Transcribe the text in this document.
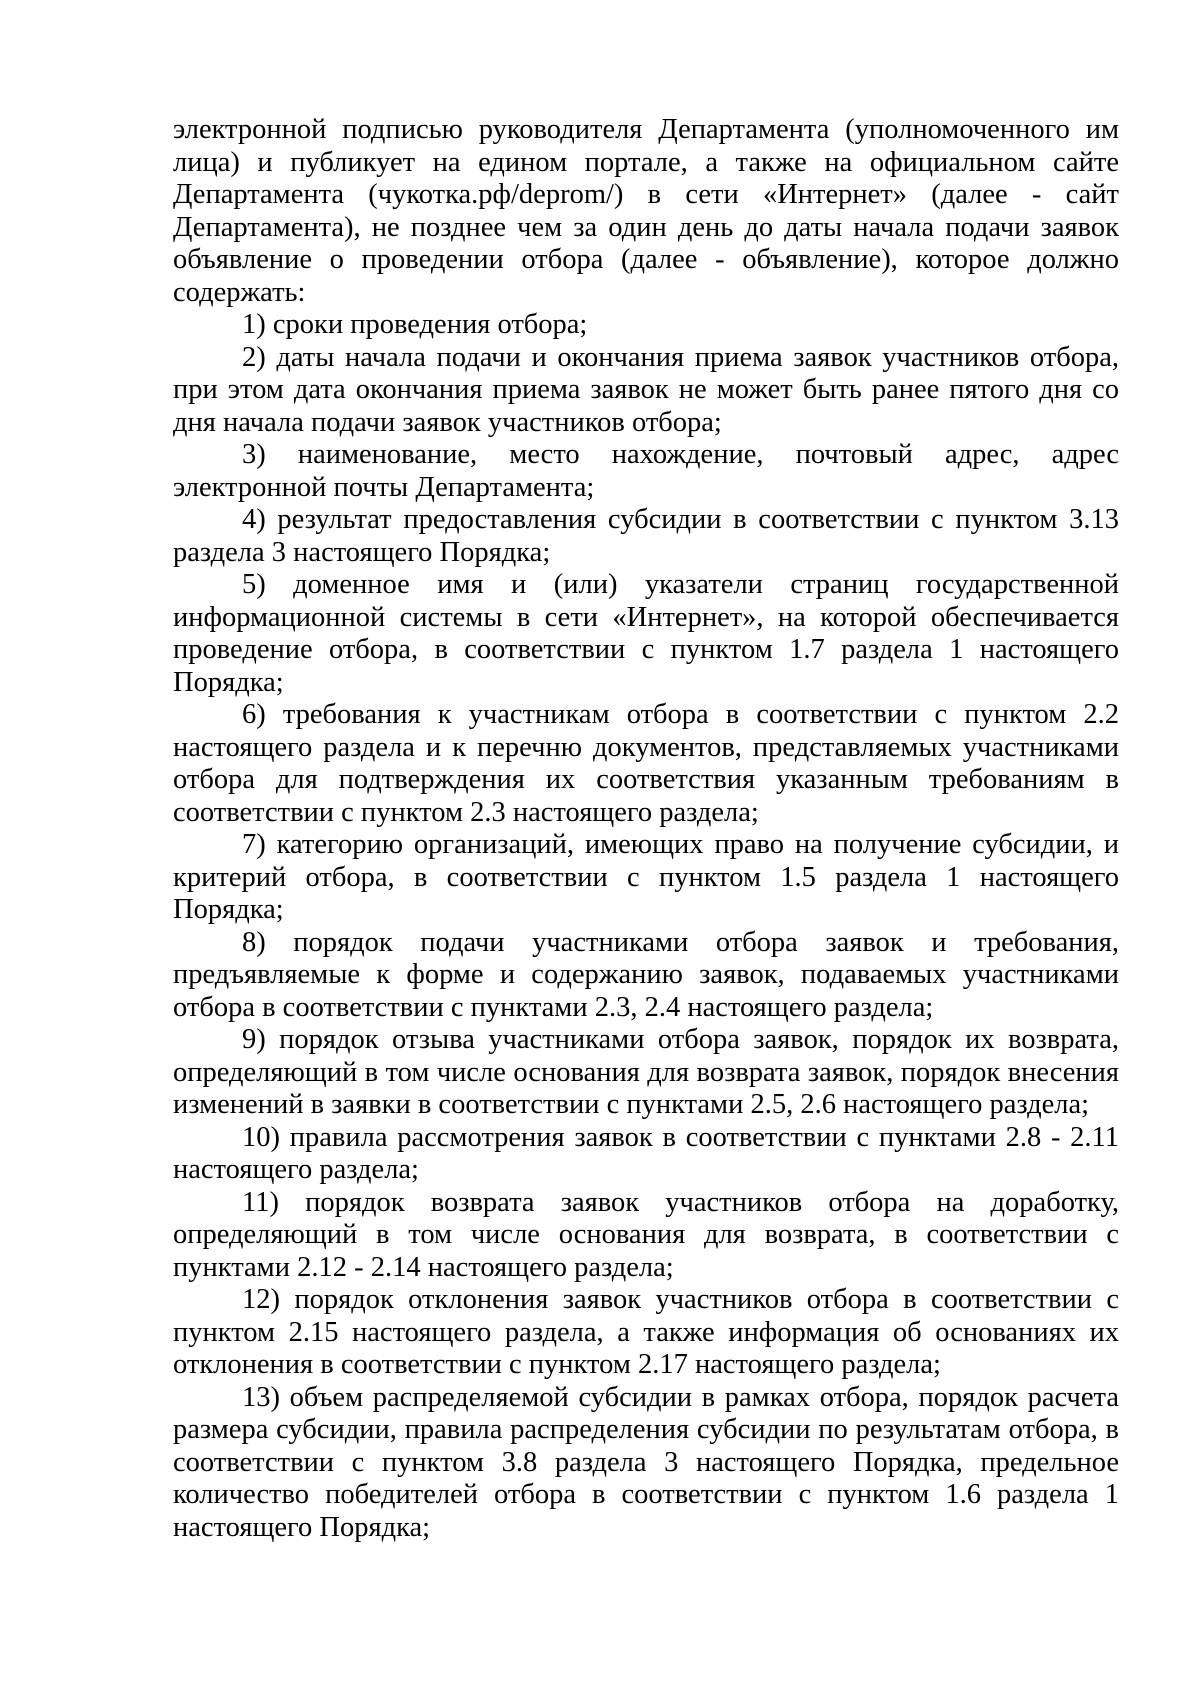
электронной подписью руководителя Департамента (уполномоченного им лица) и публикует на едином портале, а также на официальном сайте Департамента (чукотка.рф/deprom/) в сети «Интернет» (далее - сайт Департамента), не позднее чем за один день до даты начала подачи заявок объявление о проведении отбора (далее - объявление), которое должно содержать:

1) сроки проведения отбора;

2) даты начала подачи и окончания приема заявок участников отбора, при этом дата окончания приема заявок не может быть ранее пятого дня со дня начала подачи заявок участников отбора;

3) наименование, место нахождение, почтовый адрес, адрес электронной почты Департамента;

4) результат предоставления субсидии в соответствии с пунктом 3.13 раздела 3 настоящего Порядка;

5) доменное имя и (или) указатели страниц государственной информационной системы в сети «Интернет», на которой обеспечивается проведение отбора, в соответствии с пунктом 1.7 раздела 1 настоящего Порядка;

6) требования к участникам отбора в соответствии с пунктом 2.2 настоящего раздела и к перечню документов, представляемых участниками отбора для подтверждения их соответствия указанным требованиям в соответствии с пунктом 2.3 настоящего раздела;

7) категорию организаций, имеющих право на получение субсидии, и критерий отбора, в соответствии с пунктом 1.5 раздела 1 настоящего Порядка;

8) порядок подачи участниками отбора заявок и требования, предъявляемые к форме и содержанию заявок, подаваемых участниками отбора в соответствии с пунктами 2.3, 2.4 настоящего раздела;

9) порядок отзыва участниками отбора заявок, порядок их возврата, определяющий в том числе основания для возврата заявок, порядок внесения изменений в заявки в соответствии с пунктами 2.5, 2.6 настоящего раздела;

10) правила рассмотрения заявок в соответствии с пунктами 2.8 - 2.11 настоящего раздела;

11) порядок возврата заявок участников отбора на доработку, определяющий в том числе основания для возврата, в соответствии с пунктами 2.12 - 2.14 настоящего раздела;

12) порядок отклонения заявок участников отбора в соответствии с пунктом 2.15 настоящего раздела, а также информация об основаниях их отклонения в соответствии с пунктом 2.17 настоящего раздела;

13) объем распределяемой субсидии в рамках отбора, порядок расчета размера субсидии, правила распределения субсидии по результатам отбора, в соответствии с пунктом 3.8 раздела 3 настоящего Порядка, предельное количество победителей отбора в соответствии с пунктом 1.6 раздела 1 настоящего Порядка;
